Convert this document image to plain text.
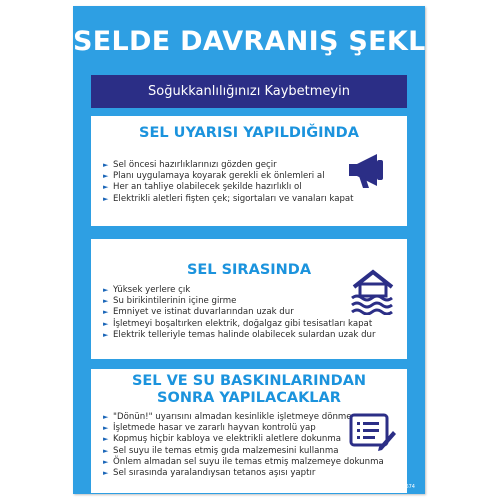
SELDE DAVRANIŞ ŞEKLİ
Soğukkanlılığınızı Kaybetmeyin
SEL UYARISI YAPILDIĞINDA
► Sel öncesi hazırlıklarınızı gözden geçir
► Planı uygulamaya koyarak gerekli ek önlemleri al
► Her an tahliye olabilecek şekilde hazırlıklı ol
► Elektrikli aletleri fişten çek; sigortaları ve vanaları kapat
SEL SIRASINDA
► Yüksek yerlere çık
► Su birikintilerinin içine girme
► Emniyet ve istinat duvarlarından uzak dur
► İşletmeyi boşaltırken elektrik, doğalgaz gibi tesisatları kapat
► Elektrik telleriyle temas halinde olabilecek sulardan uzak dur
SEL VE SU BASKINLARINDAN
SONRA YAPILACAKLAR
► "Dönün!" uyarısını almadan kesinlikle işletmeye dönme
► İşletmede hasar ve zararlı hayvan kontrolü yap
► Kopmuş hiçbir kabloya ve elektrikli aletlere dokunma
► Sel suyu ile temas etmiş gıda malzemesini kullanma
► Önlem almadan sel suyu ile temas etmiş malzemeye dokunma
► Sel sırasında yaralandıysan tetanos aşısı yaptır
U07674
